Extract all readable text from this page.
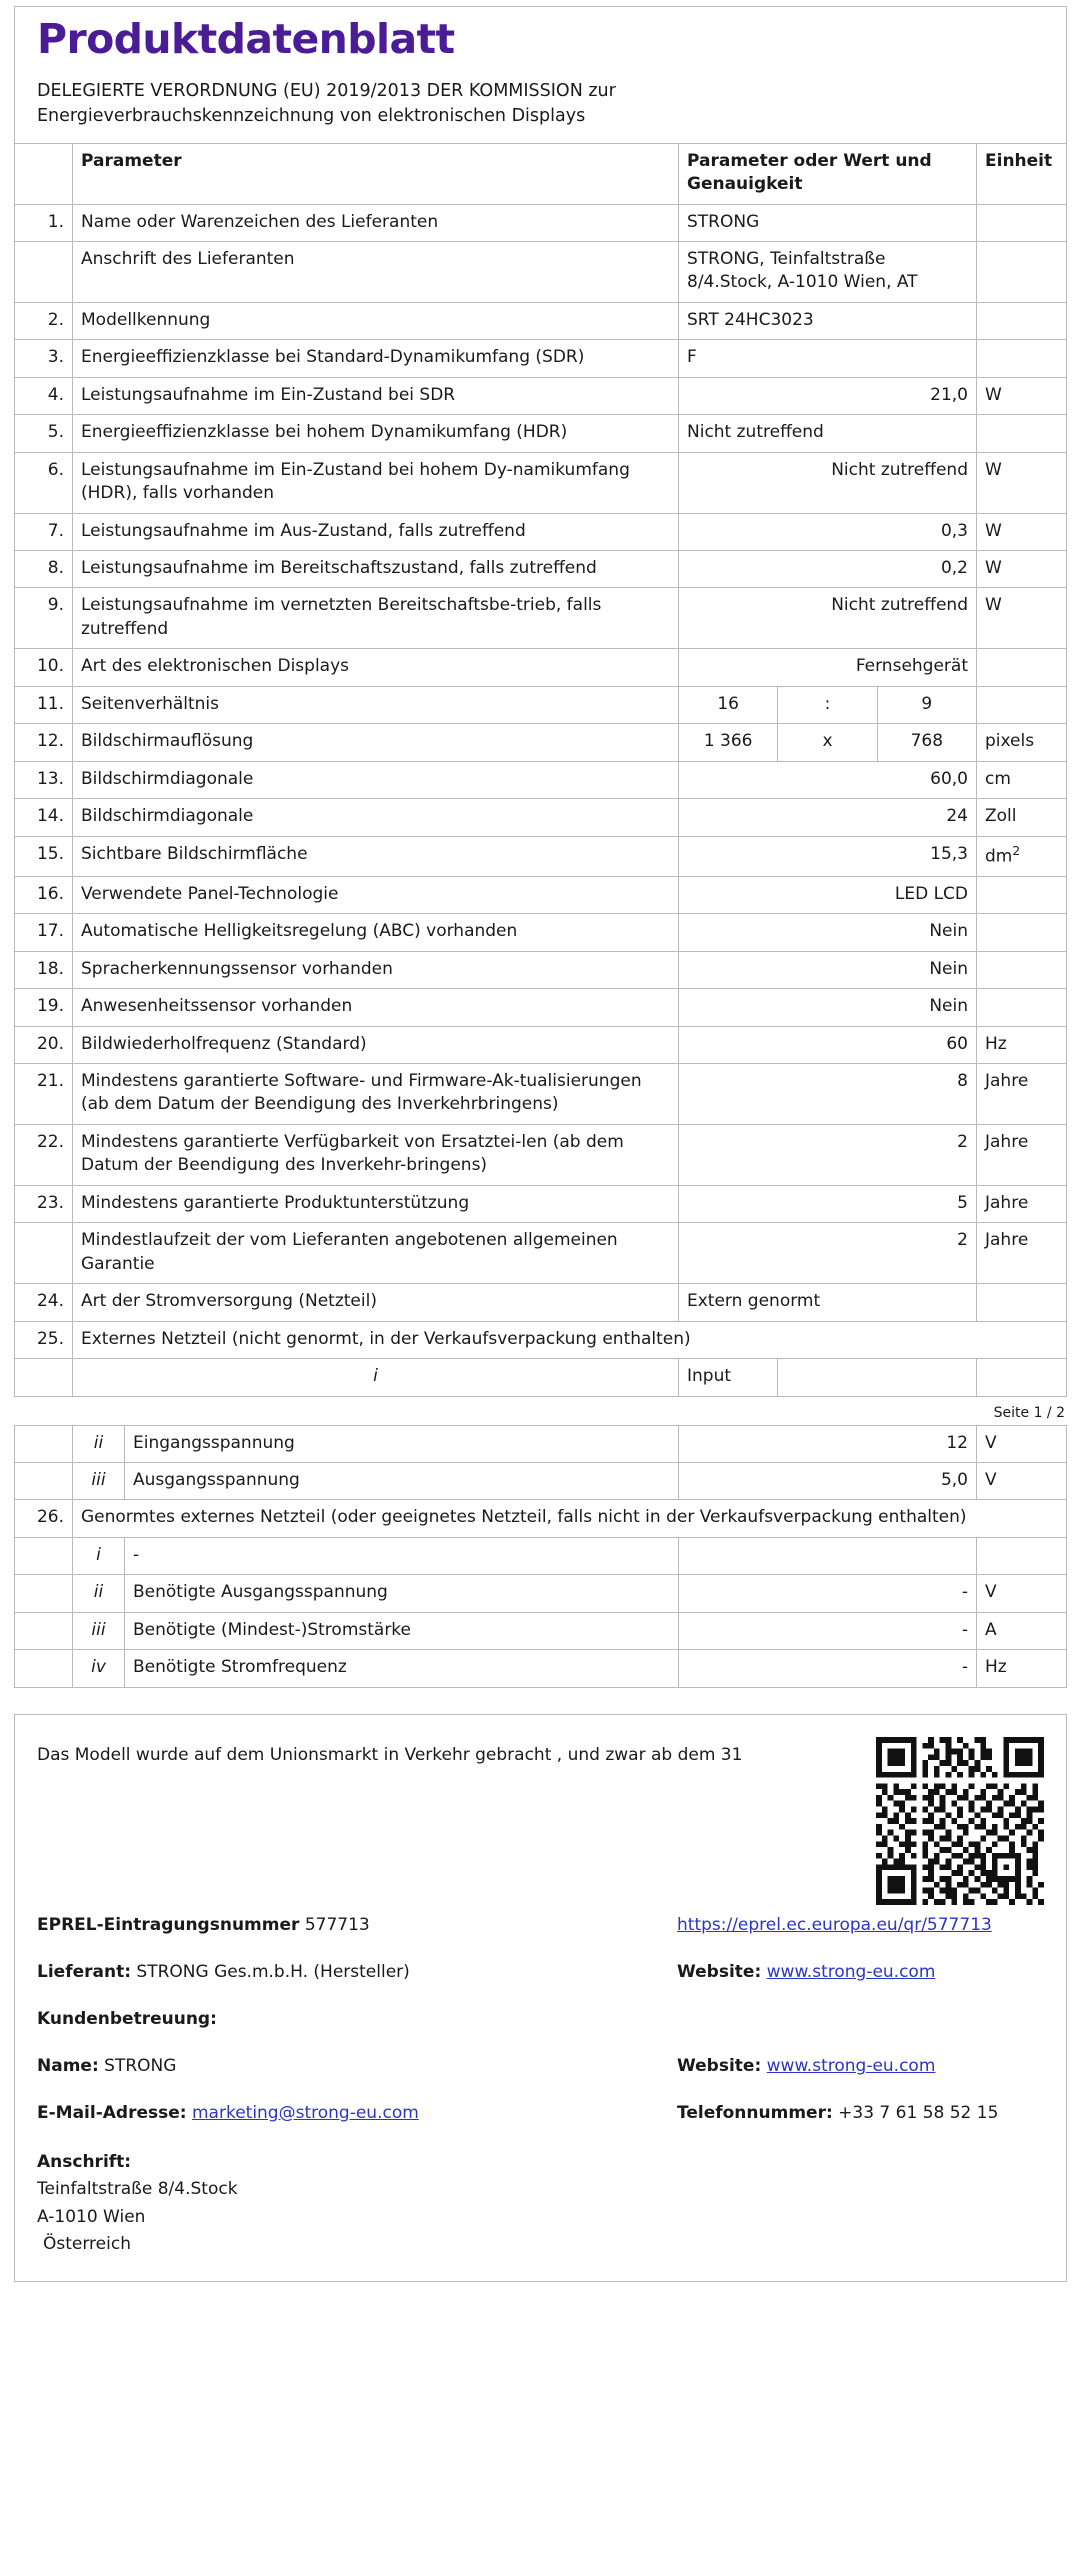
Produktdatenblatt
DELEGIERTE VERORDNUNG (EU) 2019/2013 DER KOMMISSION zur
Energieverbrauchskennzeichnung von elektronischen Displays
	Parameter	Parameter oder Wert und Genauigkeit			Einheit
1.	Name oder Warenzeichen des Lieferanten	STRONG			
	Anschrift des Lieferanten	STRONG, Teinfaltstraße 8/4.Stock, A-1010 Wien, AT			
2.	Modellkennung	SRT 24HC3023			
3.	Energieeffizienzklasse bei Standard-Dynamikumfang (SDR)	F			
4.	Leistungsaufnahme im Ein-Zustand bei SDR	21,0			W
5.	Energieeffizienzklasse bei hohem Dynamikumfang (HDR)	Nicht zutreffend			
6.	Leistungsaufnahme im Ein-Zustand bei hohem Dy-namikumfang (HDR), falls vorhanden	Nicht zutreffend			W
7.	Leistungsaufnahme im Aus-Zustand, falls zutreffend	0,3			W
8.	Leistungsaufnahme im Bereitschaftszustand, falls zutreffend	0,2			W
9.	Leistungsaufnahme im vernetzten Bereitschaftsbe-trieb, falls zutreffend	Nicht zutreffend			W
10.	Art des elektronischen Displays	Fernsehgerät			
11.	Seitenverhältnis	16	:	9	
12.	Bildschirmauflösung	1 366	x	768	pixels
13.	Bildschirmdiagonale	60,0			cm
14.	Bildschirmdiagonale	24			Zoll
15.	Sichtbare Bildschirmfläche	15,3			$dm^2$
16.	Verwendete Panel-Technologie	LED LCD			
17.	Automatische Helligkeitsregelung (ABC) vorhanden	Nein			
18.	Spracherkennungssensor vorhanden	Nein			
19.	Anwesenheitssensor vorhanden	Nein			
20.	Bildwiederholfrequenz (Standard)	60			Hz
21.	Mindestens garantierte Software- und Firmware-Ak-tualisierungen (ab dem Datum der Beendigung des Inverkehrbringens)	8			Jahre
22.	Mindestens garantierte Verfügbarkeit von Ersatztei-len (ab dem Datum der Beendigung des Inverkehr-bringens)	2			Jahre
23.	Mindestens garantierte Produktunterstützung	5			Jahre
	Mindestlaufzeit der vom Lieferanten angebotenen allgemeinen Garantie	2			Jahre
24.	Art der Stromversorgung (Netzteil)	Extern genormt			
25.	Externes Netzteil (nicht genormt, in der Verkaufsverpackung enthalten)				
	i	Input			
Seite 1 / 2
	ii	Eingangsspannung	12	V
	iii	Ausgangsspannung	5,0	V
26.	Genormtes externes Netzteil (oder geeignetes Netzteil, falls nicht in der Verkaufsverpackung enthalten)			
	i	-		
	ii	Benötigte Ausgangsspannung	-	V
	iii	Benötigte (Mindest-)Stromstärke	-	A
	iv	Benötigte Stromfrequenz	-	Hz
Das Modell wurde auf dem Unionsmarkt in Verkehr gebracht , und zwar ab dem 31
EPREL-Eintragungsnummer 577713	https://eprel.ec.europa.eu/qr/577713
Lieferant: STRONG Ges.m.b.H. (Hersteller)	Website: www.strong-eu.com
Kundenbetreuung:
Name: STRONG	Website: www.strong-eu.com
E-Mail-Adresse: marketing@strong-eu.com	Telefonnummer: +33 7 61 58 52 15
Anschrift:
Teinfaltstraße 8/4.Stock
A-1010 Wien
Österreich
